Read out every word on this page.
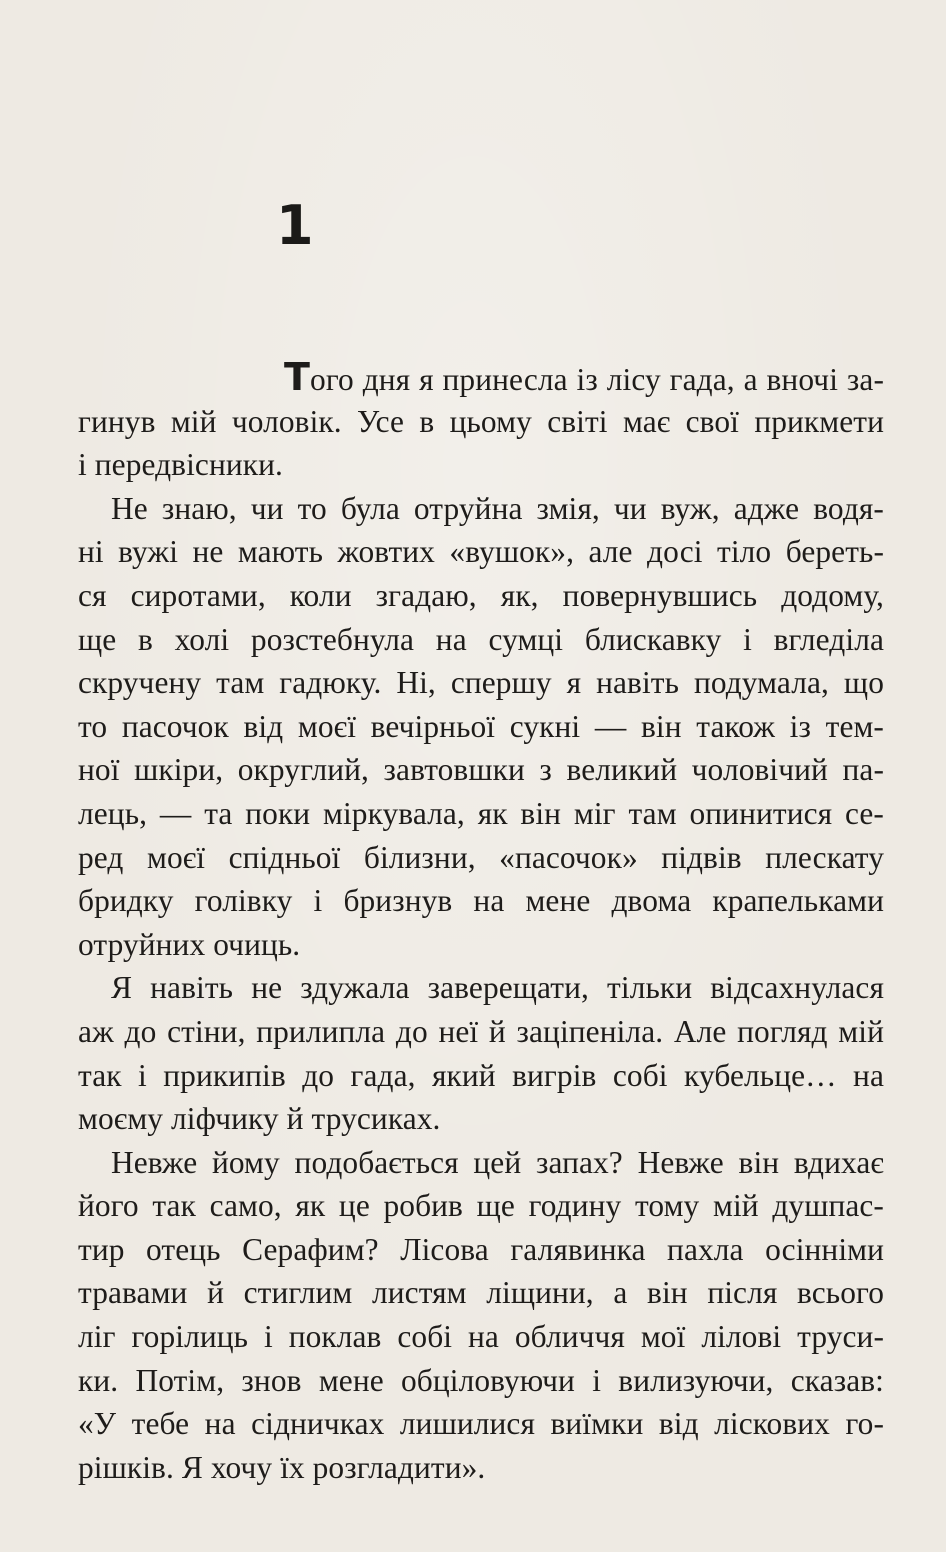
1
Того дня я принесла із лісу гада, а вночі за-
гинув мій чоловік. Усе в цьому світі має свої прикмети
і передвісники.
Не знаю, чи то була отруйна змія, чи вуж, адже водя-
ні вужі не мають жовтих «вушок», але досі тіло береть-
ся сиротами, коли згадаю, як, повернувшись додому,
ще в холі розстебнула на сумці блискавку і вгледіла
скручену там гадюку. Ні, спершу я навіть подумала, що
то пасочок від моєї вечірньої сукні — він також із тем-
ної шкіри, округлий, завтовшки з великий чоловічий па-
лець, — та поки міркувала, як він міг там опинитися се-
ред моєї спідньої білизни, «пасочок» підвів плескату
бридку голівку і бризнув на мене двома крапельками
отруйних очиць.
Я навіть не здужала заверещати, тільки відсахнулася
аж до стіни, прилипла до неї й заціпеніла. Але погляд мій
так і прикипів до гада, який вигрів собі кубельце… на
моєму ліфчику й трусиках.
Невже йому подобається цей запах? Невже він вдихає
його так само, як це робив ще годину тому мій душпас-
тир отець Серафим? Лісова галявинка пахла осінніми
травами й стиглим листям ліщини, а він після всього
ліг горілиць і поклав собі на обличчя мої лілові труси-
ки. Потім, знов мене обціловуючи і вилизуючи, сказав:
«У тебе на сідничках лишилися виїмки від ліскових го-
рішків. Я хочу їх розгладити».
